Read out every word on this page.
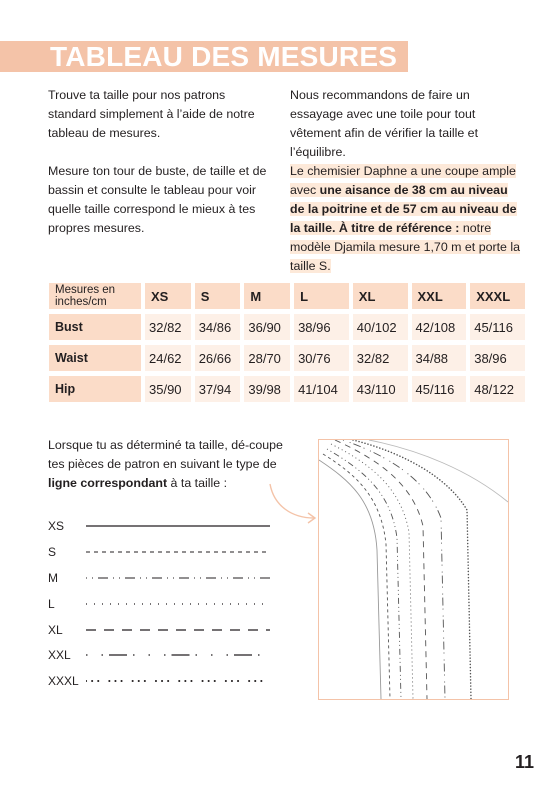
TABLEAU DES MESURES

Trouve ta taille pour nos patrons standard simplement à l’aide de notre tableau de mesures.

Mesure ton tour de buste, de taille et de bassin et consulte le tableau pour voir quelle taille correspond le mieux à tes propres mesures.

Nous recommandons de faire un essayage avec une toile pour tout vêtement afin de vérifier la taille et l’équilibre.

Le chemisier Daphne a une coupe ample avec une aisance de 38 cm au niveau de la poitrine et de 57 cm au niveau de la taille. À titre de référence : notre modèle Djamila mesure 1,70 m et porte la taille S.

Mesures en inches/cm	XS	S	M	L	XL	XXL	XXXL
Bust	32/82	34/86	36/90	38/96	40/102	42/108	45/116
Waist	24/62	26/66	28/70	30/76	32/82	34/88	38/96
Hip	35/90	37/94	39/98	41/104	43/110	45/116	48/122
Lorsque tu as déterminé ta taille, dé-coupe tes pièces de patron en suivant le type de ligne correspondant à ta taille :
XS
S
M
L
XL
XXL
XXXL
11
